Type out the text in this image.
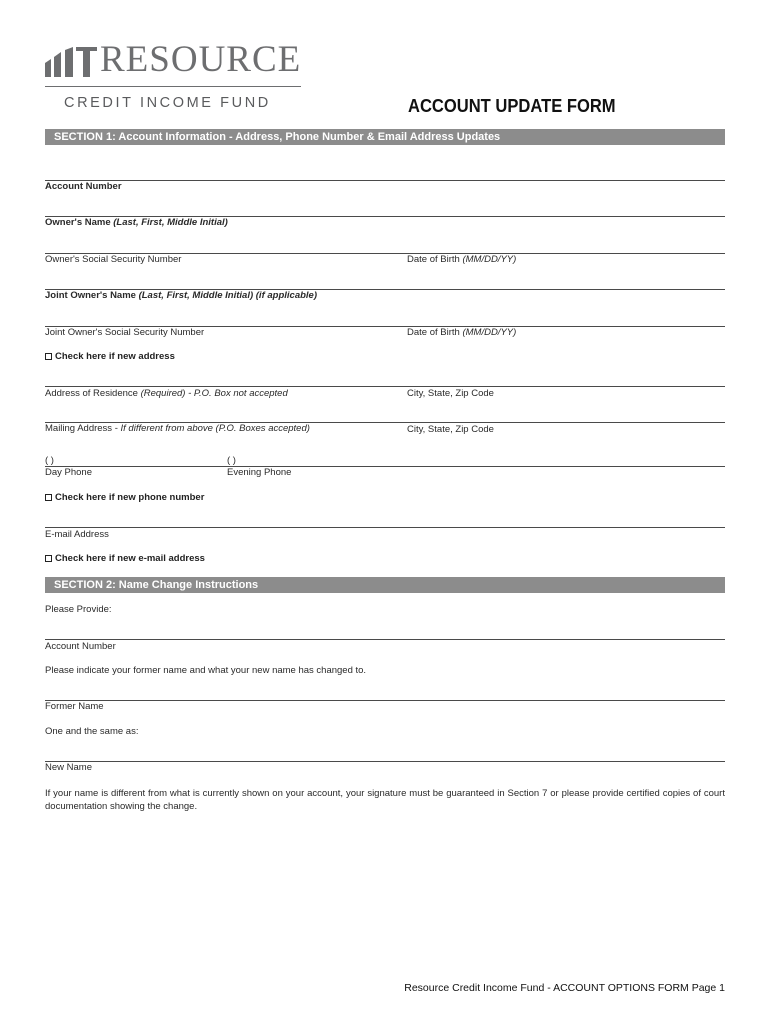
RESOURCE
CREDIT INCOME FUND	ACCOUNT UPDATE FORM
SECTION 1: Account Information - Address, Phone Number & Email Address Updates
Account Number
Owner's Name (Last, First, Middle Initial)
Owner's Social Security Number	Date of Birth (MM/DD/YY)
Joint Owner's Name (Last, First, Middle Initial) (if applicable)
Joint Owner's Social Security Number	Date of Birth (MM/DD/YY)
Check here if new address
Address of Residence (Required) - P.O. Box not accepted	City, State, Zip Code
Mailing Address - If different from above (P.O. Boxes accepted)	City, State, Zip Code
( )	( )
Day Phone	Evening Phone
Check here if new phone number
E-mail Address
Check here if new e-mail address
SECTION 2: Name Change Instructions
Please Provide:
Account Number
Please indicate your former name and what your new name has changed to.
Former Name
One and the same as:
New Name
If your name is different from what is currently shown on your account, your signature must be guaranteed in Section 7 or please provide certified copies of court documentation showing the change.
Resource Credit Income Fund - ACCOUNT OPTIONS FORM Page 1
